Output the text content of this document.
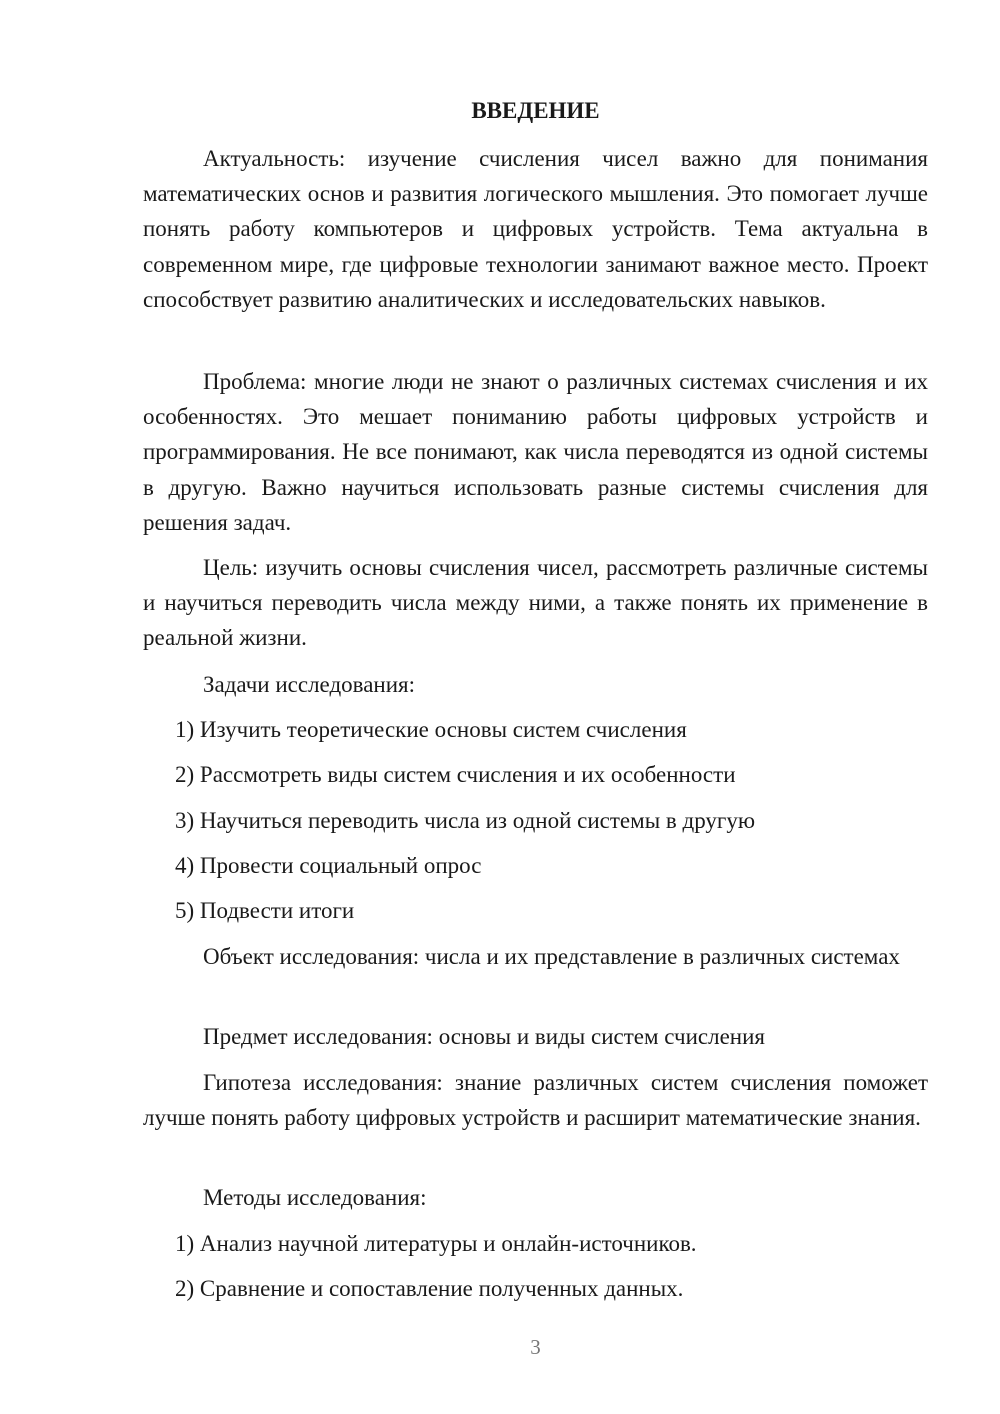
ВВЕДЕНИЕ

Актуальность: изучение счисления чисел важно для понимания математических основ и развития логического мышления. Это помогает лучше понять работу компьютеров и цифровых устройств. Тема актуальна в современном мире, где цифровые технологии занимают важное место. Проект способствует развитию аналитических и исследовательских навыков.

Проблема: многие люди не знают о различных системах счисления и их особенностях. Это мешает пониманию работы цифровых устройств и программирования. Не все понимают, как числа переводятся из одной системы в другую. Важно научиться использовать разные системы счисления для решения задач.

Цель: изучить основы счисления чисел, рассмотреть различные системы и научиться переводить числа между ними, а также понять их применение в реальной жизни.

Задачи исследования:

1) Изучить теоретические основы систем счисления

2) Рассмотреть виды систем счисления и их особенности

3) Научиться переводить числа из одной системы в другую

4) Провести социальный опрос

5) Подвести итоги

Объект исследования: числа и их представление в различных системах

Предмет исследования: основы и виды систем счисления

Гипотеза исследования: знание различных систем счисления поможет лучше понять работу цифровых устройств и расширит математические знания.

Методы исследования:

1) Анализ научной литературы и онлайн-источников.

2) Сравнение и сопоставление полученных данных.

3
